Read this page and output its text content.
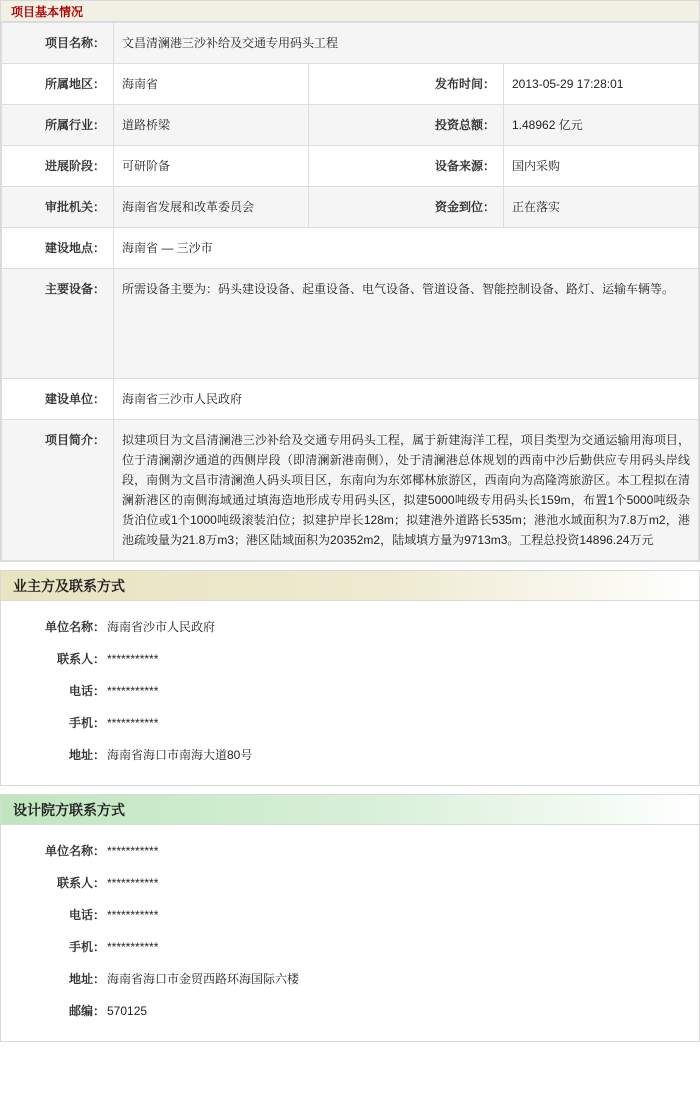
项目基本情况
项目名称：	文昌清澜港三沙补给及交通专用码头工程		
所属地区：	海南省	发布时间：	2013-05-29 17:28:01
所属行业：	道路桥梁	投资总额：	1.48962 亿元
进展阶段：	可研阶备	设备来源：	国内采购
审批机关：	海南省发展和改革委员会	资金到位：	正在落实
建设地点：	海南省 — 三沙市		
主要设备：	所需设备主要为：码头建设设备、起重设备、电气设备、管道设备、智能控制设备、路灯、运输车辆等。		
建设单位：	海南省三沙市人民政府		
项目简介：	拟建项目为文昌清澜港三沙补给及交通专用码头工程，属于新建海洋工程，项目类型为交通运输用海项目，位于清澜潮汐通道的西侧岸段（即清澜新港南侧），处于清澜港总体规划的西南中沙后勤供应专用码头岸线段，南侧为文昌市清澜渔人码头项目区，东南向为东郊椰林旅游区，西南向为高隆湾旅游区。本工程拟在清澜新港区的南侧海域通过填海造地形成专用码头区，拟建5000吨级专用码头长159m，布置1个5000吨级杂货泊位或1个1000吨级滚装泊位；拟建护岸长128m；拟建港外道路长535m；港池水域面积为7.8万m2，港池疏竣量为21.8万m3；港区陆域面积为20352m2，陆域填方量为9713m3。工程总投资14896.24万元		
业主方及联系方式
单位名称： 海南省沙市人民政府
联系人： ***********
电话： ***********
手机： ***********
地址： 海南省海口市南海大道80号
设计院方联系方式
单位名称： ***********
联系人： ***********
电话： ***********
手机： ***********
地址： 海南省海口市金贸西路环海国际六楼
邮编： 570125
